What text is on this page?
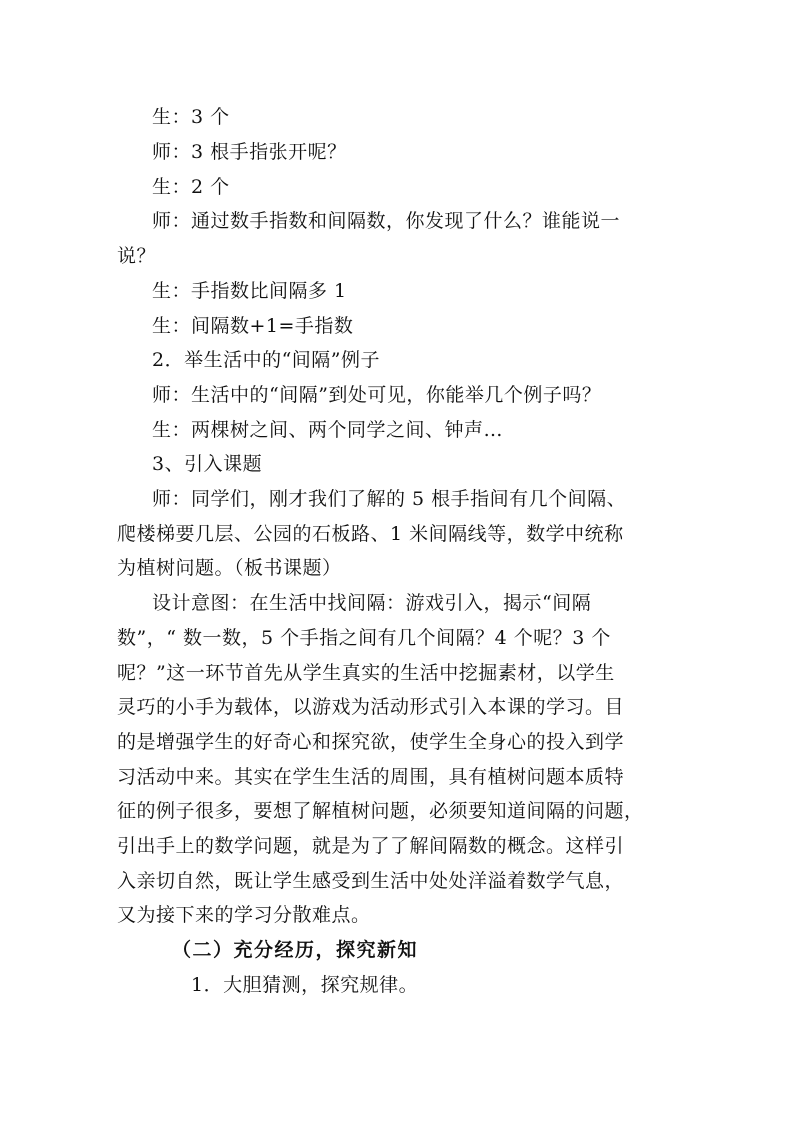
生：3 个
师：3 根手指张开呢？
生：2 个
师：通过数手指数和间隔数，你发现了什么？谁能说一
说？
生：手指数比间隔多 1
生：间隔数+1=手指数
2．举生活中的“间隔”例子
师：生活中的“间隔”到处可见，你能举几个例子吗？
生：两棵树之间、两个同学之间、钟声…
3、引入课题
师：同学们，刚才我们了解的 5 根手指间有几个间隔、
爬楼梯要几层、公园的石板路、1 米间隔线等，数学中统称
为植树问题。（板书课题）
设计意图：在生活中找间隔：游戏引入，揭示“间隔
数”，“ 数一数，5 个手指之间有几个间隔？4 个呢？3 个
呢？”这一环节首先从学生真实的生活中挖掘素材，以学生
灵巧的小手为载体，以游戏为活动形式引入本课的学习。目
的是增强学生的好奇心和探究欲，使学生全身心的投入到学
习活动中来。其实在学生生活的周围，具有植树问题本质特
征的例子很多，要想了解植树问题，必须要知道间隔的问题，
引出手上的数学问题，就是为了了解间隔数的概念。这样引
入亲切自然，既让学生感受到生活中处处洋溢着数学气息，
又为接下来的学习分散难点。
（二）充分经历，探究新知
1．大胆猜测，探究规律。
